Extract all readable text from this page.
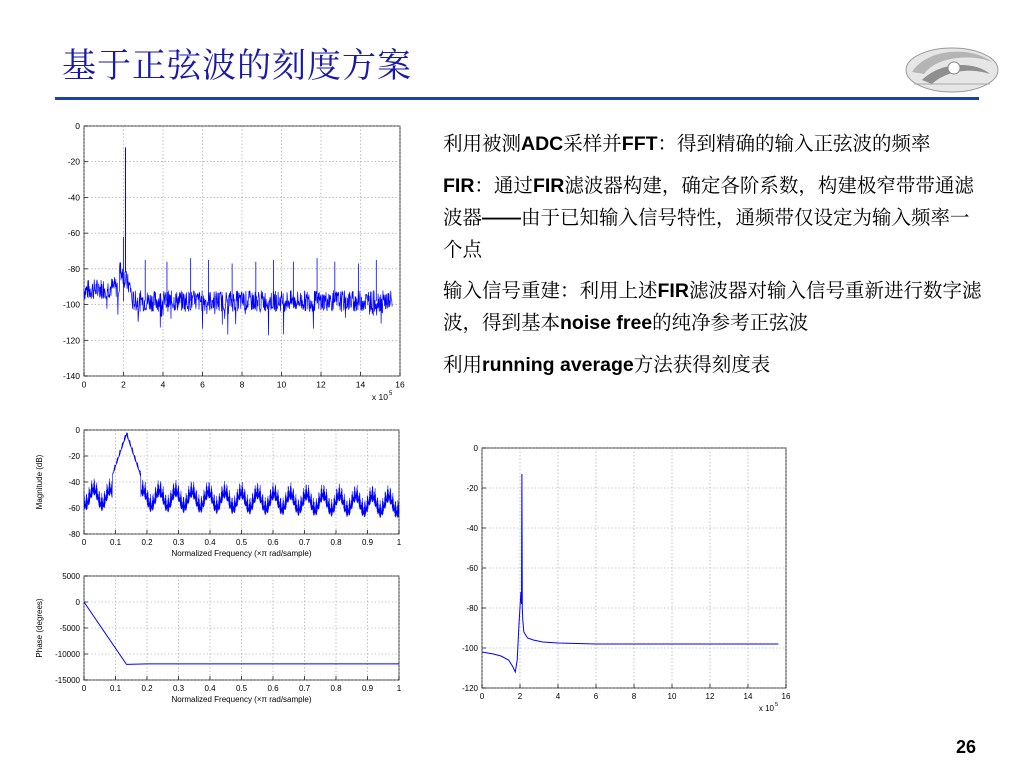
基于正弦波的刻度方案
0	2	4	6	8	10	12	14	16
0
-20
-40
-60
-80
-100
-120
-140
x 10 5
0	0.1	0.2	0.3	0.4	0.5	0.6	0.7	0.8	0.9	1
0
-20
-40
-60
-80
Normalized Frequency (×π rad/sample)
Magnitude (dB)
0	0.1	0.2	0.3	0.4	0.5	0.6	0.7	0.8	0.9	1
5000
0
-5000
-10000
-15000
Normalized Frequency (×π rad/sample)
Phase (degrees)
0	2	4	6	8	10	12	14	16
0
-20
-40
-60
-80
-100
-120
x 10 5
利用被测ADC采样并FFT：得到精确的输入正弦波的频率
FIR：通过FIR滤波器构建，确定各阶系数，构建极窄带带通滤波器——由于已知输入信号特性，通频带仅设定为输入频率一个点
输入信号重建：利用上述FIR滤波器对输入信号重新进行数字滤波，得到基本noise free的纯净参考正弦波
利用running average方法获得刻度表
26
